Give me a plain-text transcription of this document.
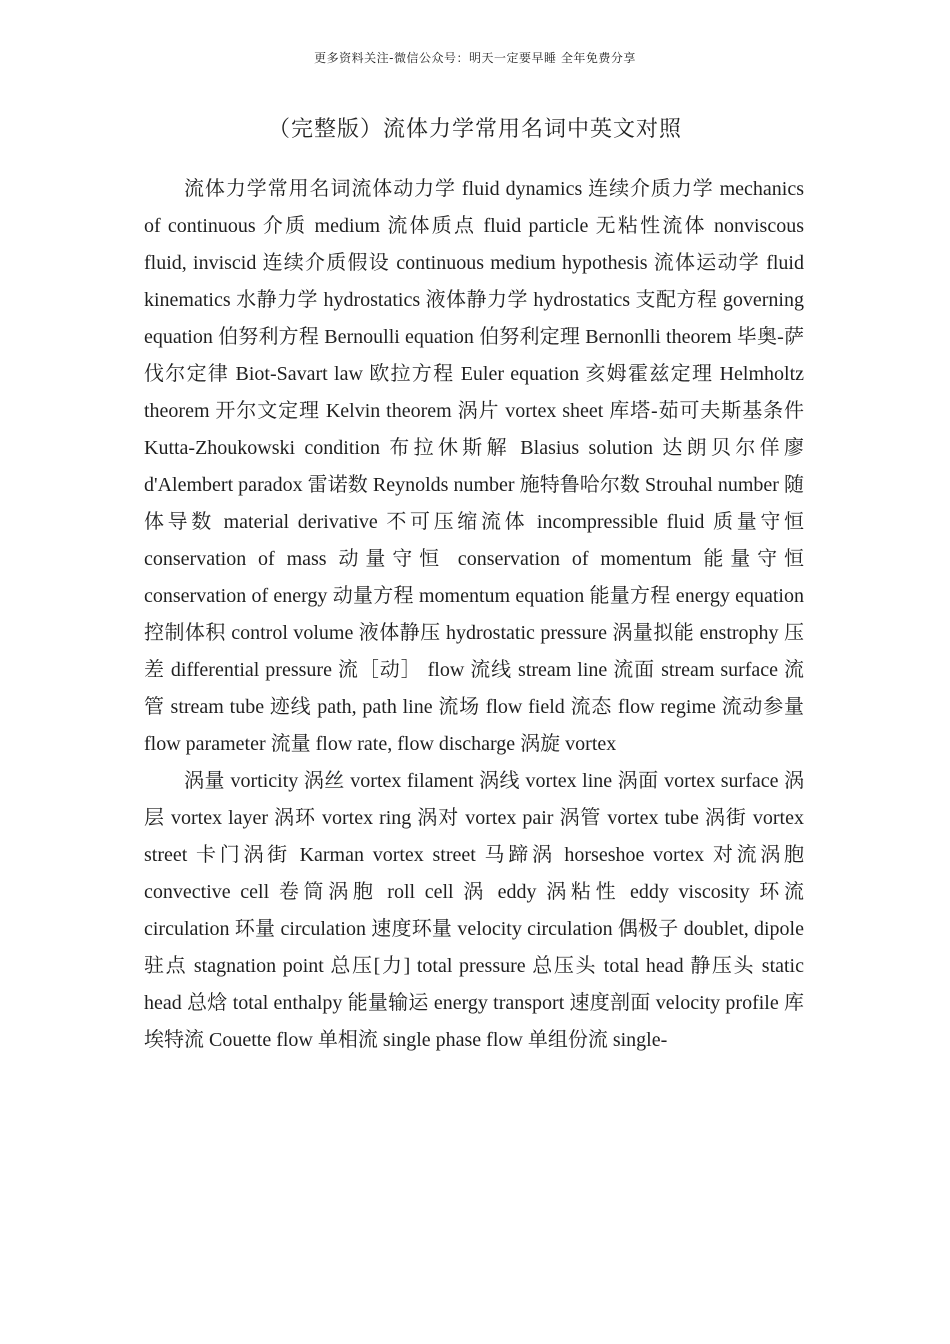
更多资料关注-微信公众号：明天一定要早睡 全年免费分享
（完整版）流体力学常用名词中英文对照

流体力学常用名词流体动力学 fluid dynamics 连续介质力学 mechanics of continuous 介质 medium 流体质点 fluid particle 无粘性流体 nonviscous fluid, inviscid 连续介质假设 continuous medium hypothesis 流体运动学 fluid kinematics 水静力学 hydrostatics 液体静力学 hydrostatics 支配方程 governing equation 伯努利方程 Bernoulli equation 伯努利定理 Bernonlli theorem 毕奥-萨伐尔定律 Biot-Savart law 欧拉方程 Euler equation 亥姆霍兹定理 Helmholtz theorem 开尔文定理 Kelvin theorem 涡片 vortex sheet 库塔-茹可夫斯基条件 Kutta-Zhoukowski condition 布拉休斯解 Blasius solution 达朗贝尔佯廖 d'Alembert paradox 雷诺数 Reynolds number 施特鲁哈尔数 Strouhal number 随体导数 material derivative 不可压缩流体 incompressible fluid 质量守恒 conservation of mass 动量守恒 conservation of momentum 能量守恒 conservation of energy 动量方程 momentum equation 能量方程 energy equation 控制体积 control volume 液体静压 hydrostatic pressure 涡量拟能 enstrophy 压差 differential pressure 流［动］ flow 流线 stream line 流面 stream surface 流管 stream tube 迹线 path, path line 流场 flow field 流态 flow regime 流动参量 flow parameter 流量 flow rate, flow discharge 涡旋 vortex

涡量 vorticity 涡丝 vortex filament 涡线 vortex line 涡面 vortex surface 涡层 vortex layer 涡环 vortex ring 涡对 vortex pair 涡管 vortex tube 涡街 vortex street 卡门涡街 Karman vortex street 马蹄涡 horseshoe vortex 对流涡胞 convective cell 卷筒涡胞 roll cell 涡 eddy 涡粘性 eddy viscosity 环流 circulation 环量 circulation 速度环量 velocity circulation 偶极子 doublet, dipole 驻点 stagnation point 总压[力] total pressure 总压头 total head 静压头 static head 总焓 total enthalpy 能量输运 energy transport 速度剖面 velocity profile 库埃特流 Couette flow 单相流 single phase flow 单组份流 single-
